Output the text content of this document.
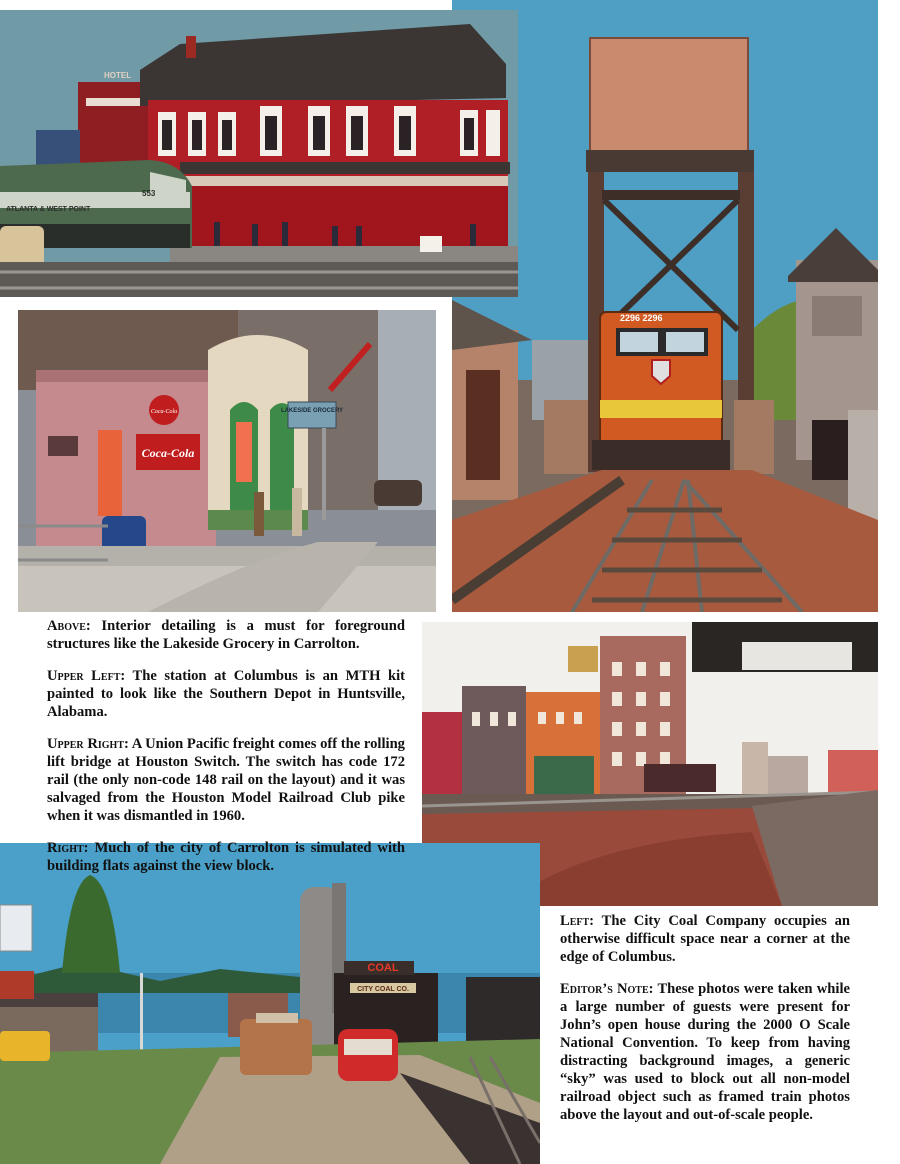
2296 2296
HOTEL
ATLANTA & WEST POINT
553
Coca-Cola
Coca-Cola
LAKESIDE GROCERY
COAL
CITY COAL CO.

Above: Interior detailing is a must for foreground structures like the Lakeside Grocery in Carrolton.

Upper Left: The station at Columbus is an MTH kit painted to look like the Southern Depot in Huntsville, Alabama.

Upper Right: A Union Pacific freight comes off the rolling lift bridge at Houston Switch. The switch has code 172 rail (the only non-code 148 rail on the layout) and it was salvaged from the Houston Model Railroad Club pike when it was dismantled in 1960.

Right: Much of the city of Carrolton is simulated with building flats against the view block.

Left: The City Coal Company occupies an otherwise difficult space near a corner at the edge of Columbus.

Editor’s Note: These photos were taken while a large number of guests were present for John’s open house during the 2000 O Scale National Convention. To keep from having distracting background images, a generic “sky” was used to block out all non-model railroad object such as framed train photos above the layout and out-of-scale people.
